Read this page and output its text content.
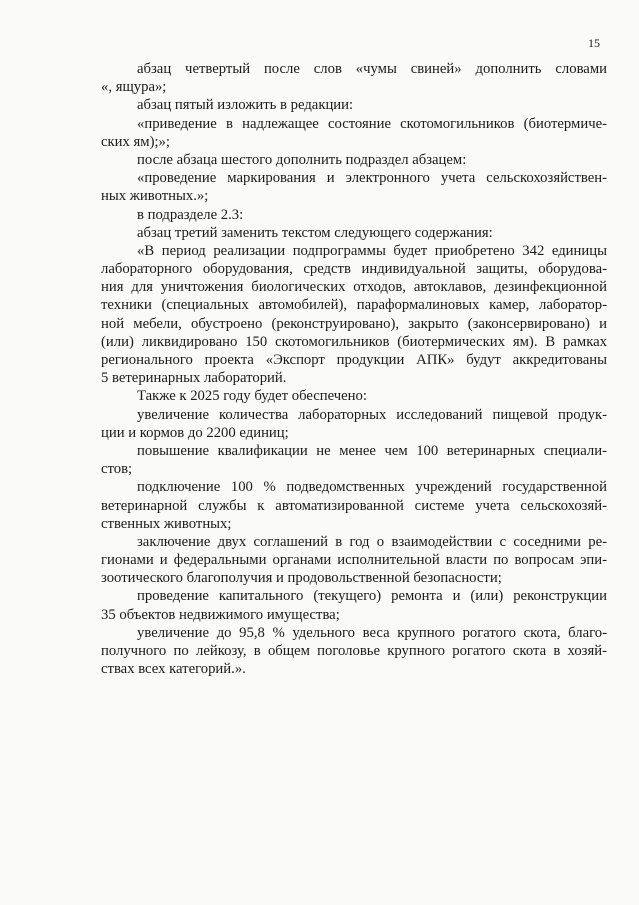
15
абзац четвертый после слов «чумы свиней» дополнить словами
«, ящура»;
абзац пятый изложить в редакции:
«приведение в надлежащее состояние скотомогильников (биотермиче-
ских ям);»;
после абзаца шестого дополнить подраздел абзацем:
«проведение маркирования и электронного учета сельскохозяйствен-
ных животных.»;
в подразделе 2.3:
абзац третий заменить текстом следующего содержания:
«В период реализации подпрограммы будет приобретено 342 единицы
лабораторного оборудования, средств индивидуальной защиты, оборудова-
ния для уничтожения биологических отходов, автоклавов, дезинфекционной
техники (специальных автомобилей), параформалиновых камер, лаборатор-
ной мебели, обустроено (реконструировано), закрыто (законсервировано) и
(или) ликвидировано 150 скотомогильников (биотермических ям). В рамках
регионального проекта «Экспорт продукции АПК» будут аккредитованы
5 ветеринарных лабораторий.
Также к 2025 году будет обеспечено:
увеличение количества лабораторных исследований пищевой продук-
ции и кормов до 2200 единиц;
повышение квалификации не менее чем 100 ветеринарных специали-
стов;
подключение 100 % подведомственных учреждений государственной
ветеринарной службы к автоматизированной системе учета сельскохозяй-
ственных животных;
заключение двух соглашений в год о взаимодействии с соседними ре-
гионами и федеральными органами исполнительной власти по вопросам эпи-
зоотического благополучия и продовольственной безопасности;
проведение капитального (текущего) ремонта и (или) реконструкции
35 объектов недвижимого имущества;
увеличение до 95,8 % удельного веса крупного рогатого скота, благо-
получного по лейкозу, в общем поголовье крупного рогатого скота в хозяй-
ствах всех категорий.».
